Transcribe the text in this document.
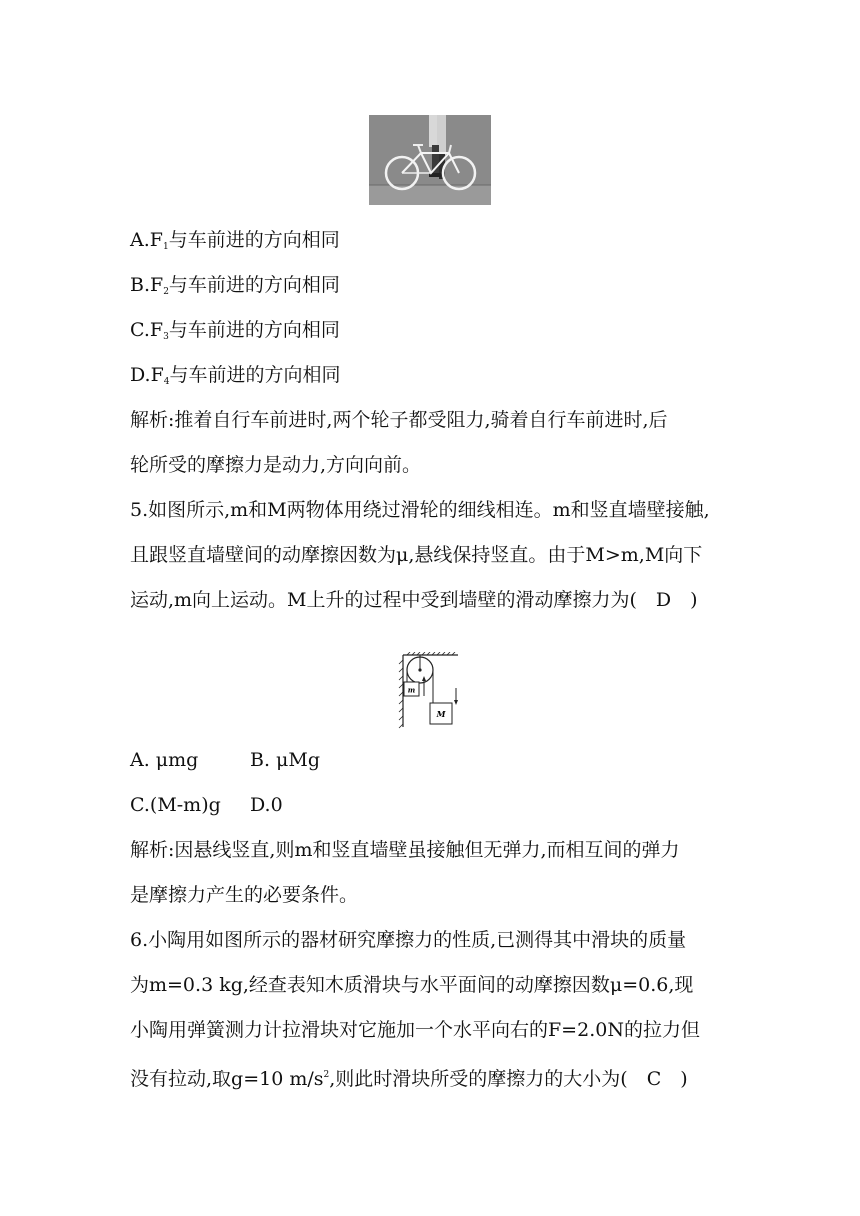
$A.F_1$与车前进的方向相同
$B.F_2$与车前进的方向相同
$C.F_3$与车前进的方向相同
$D.F_4$与车前进的方向相同
解析:推着自行车前进时,两个轮子都受阻力,骑着自行车前进时,后
轮所受的摩擦力是动力,方向向前。
5.如图所示,m和M两物体用绕过滑轮的细线相连。m和竖直墙壁接触,
且跟竖直墙壁间的动摩擦因数为μ,悬线保持竖直。由于M>m,M向下
运动,m向上运动。M上升的过程中受到墙壁的滑动摩擦力为(　D　)
m
M
A. μmg	B. μMg
C.(M-m)g D.0
解析:因悬线竖直,则m和竖直墙壁虽接触但无弹力,而相互间的弹力
是摩擦力产生的必要条件。
6.小陶用如图所示的器材研究摩擦力的性质,已测得其中滑块的质量
为m=0.3 kg,经查表知木质滑块与水平面间的动摩擦因数μ=0.6,现
小陶用弹簧测力计拉滑块对它施加一个水平向右的F=2.0N的拉力但
没有拉动,取g=10 $m/s^2$,则此时滑块所受的摩擦力的大小为(　C　)
